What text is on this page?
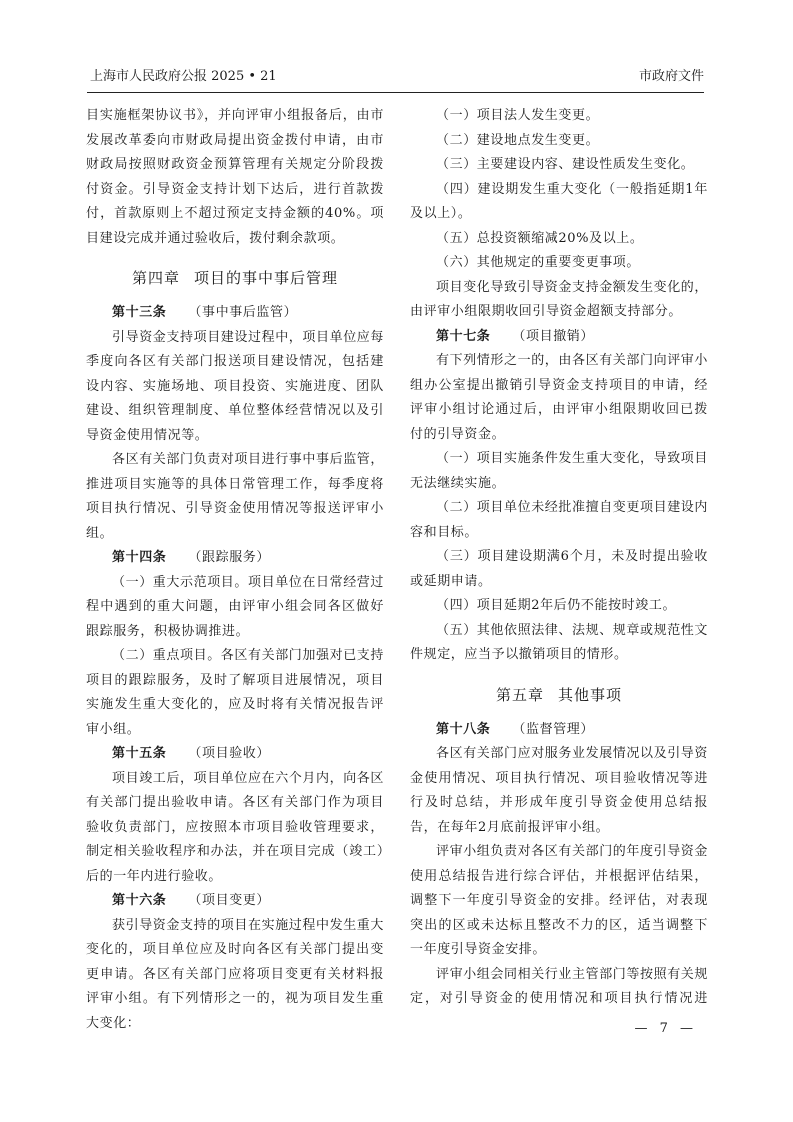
上海市人民政府公报 2025 • 21	市政府文件

目实施框架协议书》，并向评审小组报备后，由市发展改革委向市财政局提出资金拨付申请，由市财政局按照财政资金预算管理有关规定分阶段拨付资金。引导资金支持计划下达后，进行首款拨付，首款原则上不超过预定支持金额的40%。项目建设完成并通过验收后，拨付剩余款项。

第四章 项目的事中事后管理

第十三条 （事中事后监管）

引导资金支持项目建设过程中，项目单位应每季度向各区有关部门报送项目建设情况，包括建设内容、实施场地、项目投资、实施进度、团队建设、组织管理制度、单位整体经营情况以及引导资金使用情况等。

各区有关部门负责对项目进行事中事后监管，推进项目实施等的具体日常管理工作，每季度将项目执行情况、引导资金使用情况等报送评审小组。

第十四条 （跟踪服务）

（一）重大示范项目。项目单位在日常经营过程中遇到的重大问题，由评审小组会同各区做好跟踪服务，积极协调推进。

（二）重点项目。各区有关部门加强对已支持项目的跟踪服务，及时了解项目进展情况，项目实施发生重大变化的，应及时将有关情况报告评审小组。

第十五条 （项目验收）

项目竣工后，项目单位应在六个月内，向各区有关部门提出验收申请。各区有关部门作为项目验收负责部门，应按照本市项目验收管理要求，制定相关验收程序和办法，并在项目完成（竣工）后的一年内进行验收。

第十六条 （项目变更）

获引导资金支持的项目在实施过程中发生重大变化的，项目单位应及时向各区有关部门提出变更申请。各区有关部门应将项目变更有关材料报评审小组。有下列情形之一的，视为项目发生重大变化：

（一）项目法人发生变更。

（二）建设地点发生变更。

（三）主要建设内容、建设性质发生变化。

（四）建设期发生重大变化（一般指延期1年及以上）。

（五）总投资额缩减20%及以上。

（六）其他规定的重要变更事项。

项目变化导致引导资金支持金额发生变化的，由评审小组限期收回引导资金超额支持部分。

第十七条 （项目撤销）

有下列情形之一的，由各区有关部门向评审小组办公室提出撤销引导资金支持项目的申请，经评审小组讨论通过后，由评审小组限期收回已拨付的引导资金。

（一）项目实施条件发生重大变化，导致项目无法继续实施。

（二）项目单位未经批准擅自变更项目建设内容和目标。

（三）项目建设期满6个月，未及时提出验收或延期申请。

（四）项目延期2年后仍不能按时竣工。

（五）其他依照法律、法规、规章或规范性文件规定，应当予以撤销项目的情形。

第五章 其他事项

第十八条 （监督管理）

各区有关部门应对服务业发展情况以及引导资金使用情况、项目执行情况、项目验收情况等进行及时总结，并形成年度引导资金使用总结报告，在每年2月底前报评审小组。

评审小组负责对各区有关部门的年度引导资金使用总结报告进行综合评估，并根据评估结果，调整下一年度引导资金的安排。经评估，对表现突出的区或未达标且整改不力的区，适当调整下一年度引导资金安排。

评审小组会同相关行业主管部门等按照有关规定，对引导资金的使用情况和项目执行情况进

— 7 —
